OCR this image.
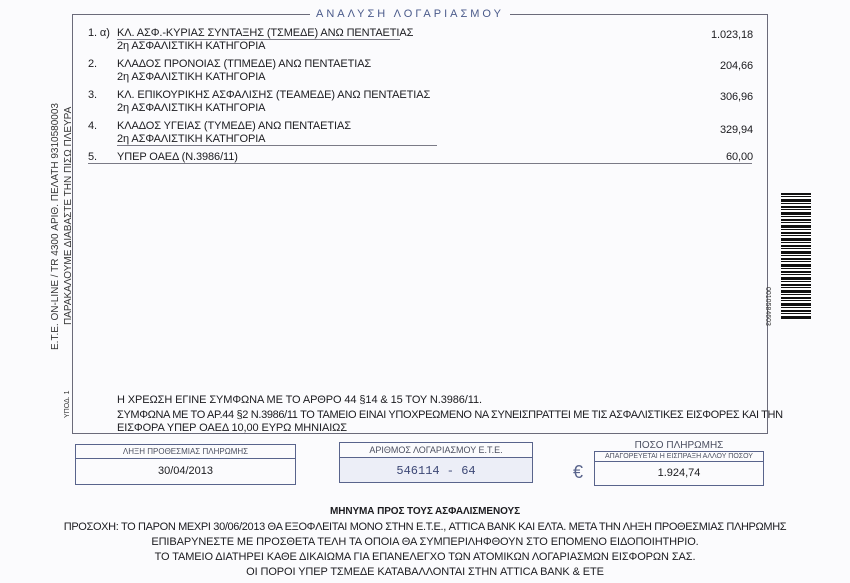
Ε.Τ.Ε. ON-LINE / TR 4300 ΑΡΙΘ. ΠΕΛΑΤΗ 9310580003 ΠΑΡΑΚΑΛΟΥΜΕ ΔΙΑΒΑΣΤΕ ΤΗΝ ΠΙΣΩ ΠΛΕΥΡΑ
ΥΠΟΔ. 1
ΑΝΑΛΥΣΗ ΛΟΓΑΡΙΑΣΜΟΥ
1. α) ΚΛ. ΑΣΦ.-ΚΥΡΙΑΣ ΣΥΝΤΑΞΗΣ (ΤΣΜΕΔΕ) ΑΝΩ ΠΕΝΤΑΕΤΙΑΣ
2η ΑΣΦΑΛΙΣΤΙΚΗ ΚΑΤΗΓΟΡΙΑ
1.023,18
2. ΚΛΑΔΟΣ ΠΡΟΝΟΙΑΣ (ΤΠΜΕΔΕ) ΑΝΩ ΠΕΝΤΑΕΤΙΑΣ
2η ΑΣΦΑΛΙΣΤΙΚΗ ΚΑΤΗΓΟΡΙΑ
204,66
3. ΚΛ. ΕΠΙΚΟΥΡΙΚΗΣ ΑΣΦΑΛΙΣΗΣ (ΤΕΑΜΕΔΕ) ΑΝΩ ΠΕΝΤΑΕΤΙΑΣ
2η ΑΣΦΑΛΙΣΤΙΚΗ ΚΑΤΗΓΟΡΙΑ
306,96
4. ΚΛΑΔΟΣ ΥΓΕΙΑΣ (ΤΥΜΕΔΕ) ΑΝΩ ΠΕΝΤΑΕΤΙΑΣ
2η ΑΣΦΑΛΙΣΤΙΚΗ ΚΑΤΗΓΟΡΙΑ
329,94
5. ΥΠΕΡ ΟΑΕΔ (Ν.3986/11)	60,00
Η ΧΡΕΩΣΗ ΕΓΙΝΕ ΣΥΜΦΩΝΑ ΜΕ ΤΟ ΑΡΘΡΟ 44 §14 & 15 ΤΟΥ Ν.3986/11.
ΣΥΜΦΩΝΑ ΜΕ ΤΟ ΑΡ.44 §2 Ν.3986/11 ΤΟ ΤΑΜΕΙΟ ΕΙΝΑΙ ΥΠΟΧΡΕΩΜΕΝΟ ΝΑ ΣΥΝΕΙΣΠΡΑΤΤΕΙ ΜΕ ΤΙΣ ΑΣΦΑΛΙΣΤΙΚΕΣ ΕΙΣΦΟΡΕΣ ΚΑΙ ΤΗΝ
ΕΙΣΦΟΡΑ ΥΠΕΡ ΟΑΕΔ 10,00 ΕΥΡΩ ΜΗΝΙΑΙΩΣ
ΛΗΞΗ ΠΡΟΘΕΣΜΙΑΣ ΠΛΗΡΩΜΗΣ
30/04/2013
ΑΡΙΘΜΟΣ ΛΟΓΑΡΙΑΣΜΟΥ Ε.Τ.Ε.
546114 - 64	€
ΠΟΣΟ ΠΛΗΡΩΜΗΣ
ΑΠΑΓΟΡΕΥΕΤΑΙ Η ΕΙΣΠΡΑΞΗ ΑΛΛΟΥ ΠΟΣΟΥ
1.924,74
0010584603
ΜΗΝΥΜΑ ΠΡΟΣ ΤΟΥΣ ΑΣΦΑΛΙΣΜΕΝΟΥΣ
ΠΡΟΣΟΧΗ: ΤΟ ΠΑΡΟΝ ΜΕΧΡΙ 30/06/2013 ΘΑ ΕΞΟΦΛΕΙΤΑΙ ΜΟΝΟ ΣΤΗΝ Ε.Τ.Ε., ATTICA BANK ΚΑΙ ΕΛΤΑ. ΜΕΤΑ ΤΗΝ ΛΗΞΗ ΠΡΟΘΕΣΜΙΑΣ ΠΛΗΡΩΜΗΣ
ΕΠΙΒΑΡΥΝΕΣΤΕ ΜΕ ΠΡΟΣΘΕΤΑ ΤΕΛΗ ΤΑ ΟΠΟΙΑ ΘΑ ΣΥΜΠΕΡΙΛΗΦΘΟΥΝ ΣΤΟ ΕΠΟΜΕΝΟ ΕΙΔΟΠΟΙΗΤΗΡΙΟ.
ΤΟ ΤΑΜΕΙΟ ΔΙΑΤΗΡΕΙ ΚΑΘΕ ΔΙΚΑΙΩΜΑ ΓΙΑ ΕΠΑΝΕΛΕΓΧΟ ΤΩΝ ΑΤΟΜΙΚΩΝ ΛΟΓΑΡΙΑΣΜΩΝ ΕΙΣΦΟΡΩΝ ΣΑΣ.
ΟΙ ΠΟΡΟΙ ΥΠΕΡ ΤΣΜΕΔΕ ΚΑΤΑΒΑΛΛΟΝΤΑΙ ΣΤΗΝ ATTICA BANK & ΕΤΕ
